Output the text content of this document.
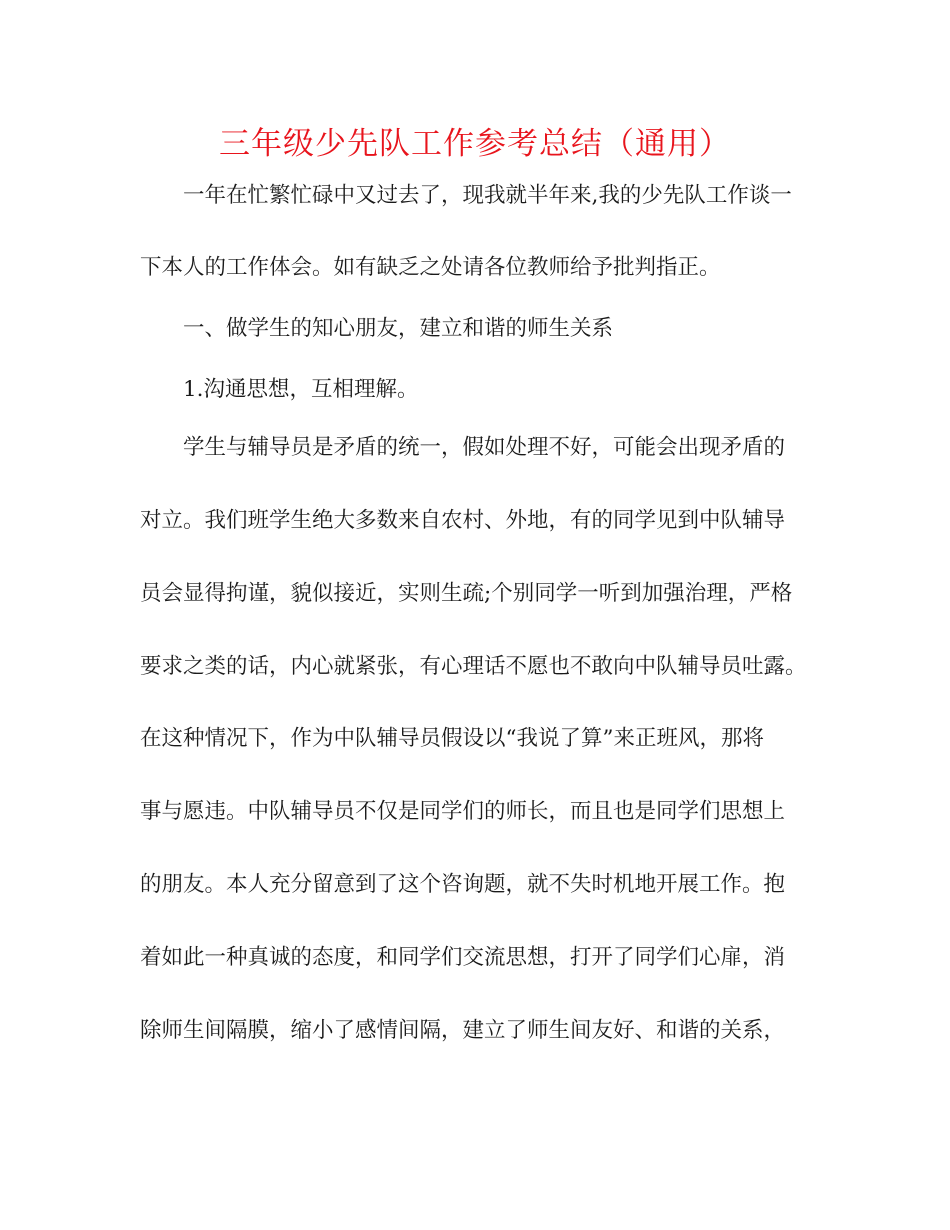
三年级少先队工作参考总结（通用）
一年在忙繁忙碌中又过去了，现我就半年来,我的少先队工作谈一
下本人的工作体会。如有缺乏之处请各位教师给予批判指正。
一、做学生的知心朋友，建立和谐的师生关系
1.沟通思想，互相理解。
学生与辅导员是矛盾的统一，假如处理不好，可能会出现矛盾的
对立。我们班学生绝大多数来自农村、外地，有的同学见到中队辅导
员会显得拘谨，貌似接近，实则生疏;个别同学一听到加强治理，严格
要求之类的话，内心就紧张，有心理话不愿也不敢向中队辅导员吐露。
在这种情况下，作为中队辅导员假设以“我说了算”来正班风，那将
事与愿违。中队辅导员不仅是同学们的师长，而且也是同学们思想上
的朋友。本人充分留意到了这个咨询题，就不失时机地开展工作。抱
着如此一种真诚的态度，和同学们交流思想，打开了同学们心扉，消
除师生间隔膜，缩小了感情间隔，建立了师生间友好、和谐的关系，
